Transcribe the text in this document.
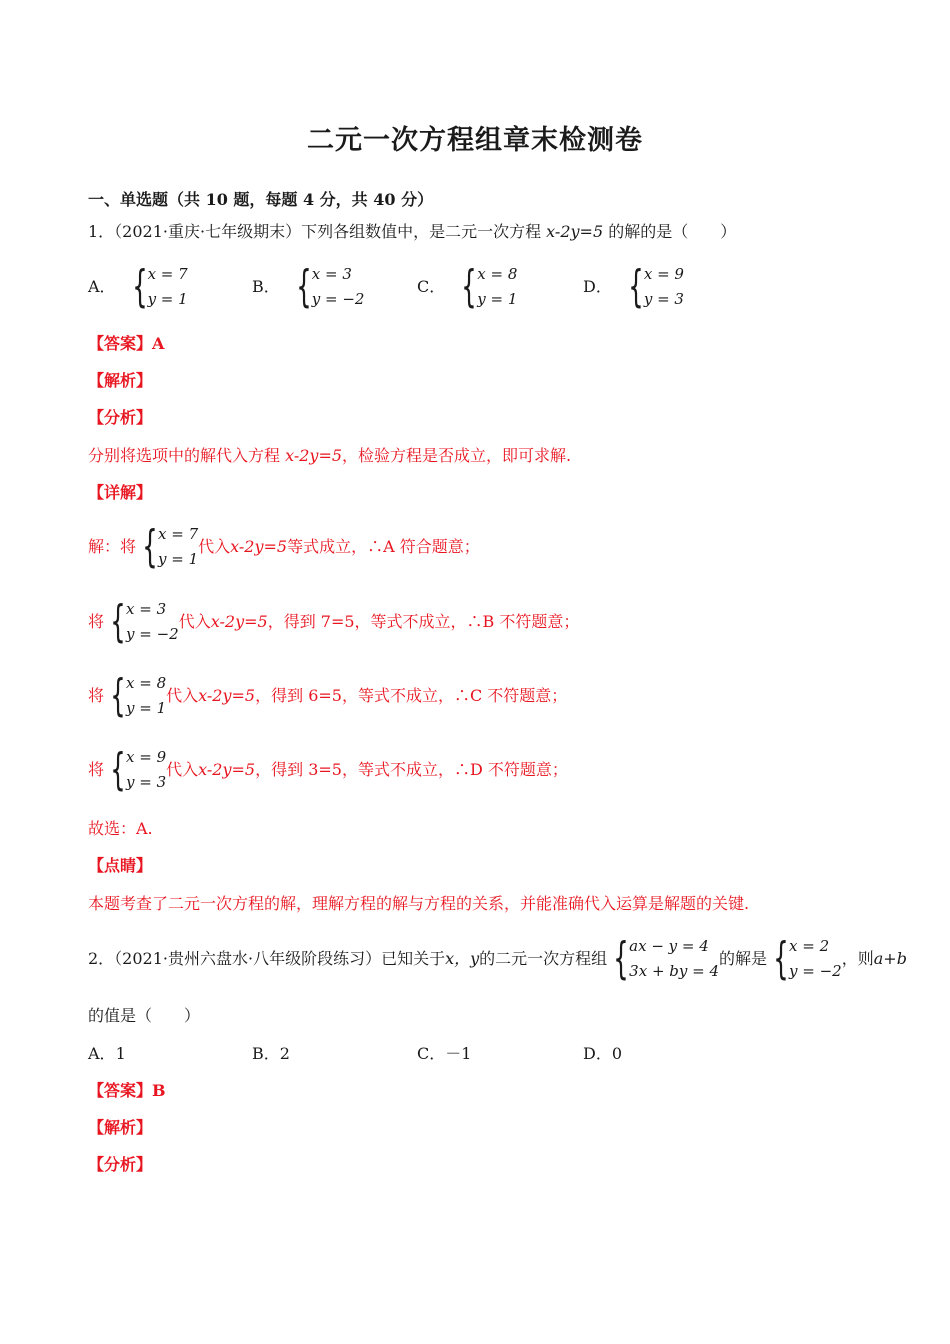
二元一次方程组章末检测卷
一、单选题（共 10 题，每题 4 分，共 40 分）
1．（2021·重庆·七年级期末）下列各组数值中，是二元一次方程 x-2y=5 的解的是（　　）
A． { x = 7
y = 1
B． { x = 3
y = −2
C． { x = 8
y = 1
D． { x = 9
y = 3
【答案】A
【解析】
【分析】
分别将选项中的解代入方程 x-2y=5，检验方程是否成立，即可求解.
【详解】
解：将 { x = 7
y = 1
代入 x-2y=5 等式成立，∴A 符合题意；
将 { x = 3
y = −2
代入 x-2y=5 ，得到 7=5，等式不成立，∴B 不符题意；
将 { x = 8
y = 1
代入 x-2y=5 ，得到 6=5，等式不成立，∴C 不符题意；
将 { x = 9
y = 3
代入 x-2y=5 ，得到 3=5，等式不成立，∴D 不符题意；
故选：A.
【点睛】
本题考查了二元一次方程的解，理解方程的解与方程的关系，并能准确代入运算是解题的关键.
2．（2021·贵州六盘水·八年级阶段练习）已知关于 x，y 的二元一次方程组 { ax − y = 4
3x + by = 4
的解是 { x = 2
y = −2
，则 a+b
的值是（　　）
A．1	B．2	C．－1	D．0
【答案】B
【解析】
【分析】
